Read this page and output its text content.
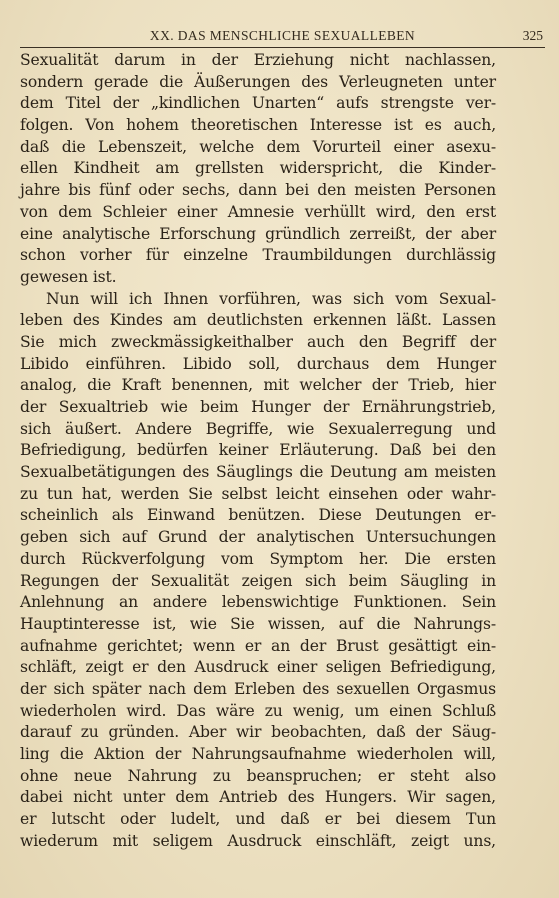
XX. DAS MENSCHLICHE SEXUALLEBEN	325
Sexualität darum in der Erziehung nicht nachlassen,
sondern gerade die Äußerungen des Verleugneten unter
dem Titel der „kindlichen Unarten“ aufs strengste ver-
folgen. Von hohem theoretischen Interesse ist es auch,
daß die Lebenszeit, welche dem Vorurteil einer asexu-
ellen Kindheit am grellsten widerspricht, die Kinder-
jahre bis fünf oder sechs, dann bei den meisten Personen
von dem Schleier einer Amnesie verhüllt wird, den erst
eine analytische Erforschung gründlich zerreißt, der aber
schon vorher für einzelne Traumbildungen durchlässig
gewesen ist.
Nun will ich Ihnen vorführen, was sich vom Sexual-
leben des Kindes am deutlichsten erkennen läßt. Lassen
Sie mich zweckmässigkeithalber auch den Begriff der
Libido einführen. Libido soll, durchaus dem Hunger
analog, die Kraft benennen, mit welcher der Trieb, hier
der Sexualtrieb wie beim Hunger der Ernährungstrieb,
sich äußert. Andere Begriffe, wie Sexualerregung und
Befriedigung, bedürfen keiner Erläuterung. Daß bei den
Sexualbetätigungen des Säuglings die Deutung am meisten
zu tun hat, werden Sie selbst leicht einsehen oder wahr-
scheinlich als Einwand benützen. Diese Deutungen er-
geben sich auf Grund der analytischen Untersuchungen
durch Rückverfolgung vom Symptom her. Die ersten
Regungen der Sexualität zeigen sich beim Säugling in
Anlehnung an andere lebenswichtige Funktionen. Sein
Hauptinteresse ist, wie Sie wissen, auf die Nahrungs-
aufnahme gerichtet; wenn er an der Brust gesättigt ein-
schläft, zeigt er den Ausdruck einer seligen Befriedigung,
der sich später nach dem Erleben des sexuellen Orgasmus
wiederholen wird. Das wäre zu wenig, um einen Schluß
darauf zu gründen. Aber wir beobachten, daß der Säug-
ling die Aktion der Nahrungsaufnahme wiederholen will,
ohne neue Nahrung zu beanspruchen; er steht also
dabei nicht unter dem Antrieb des Hungers. Wir sagen,
er lutscht oder ludelt, und daß er bei diesem Tun
wiederum mit seligem Ausdruck einschläft, zeigt uns,
